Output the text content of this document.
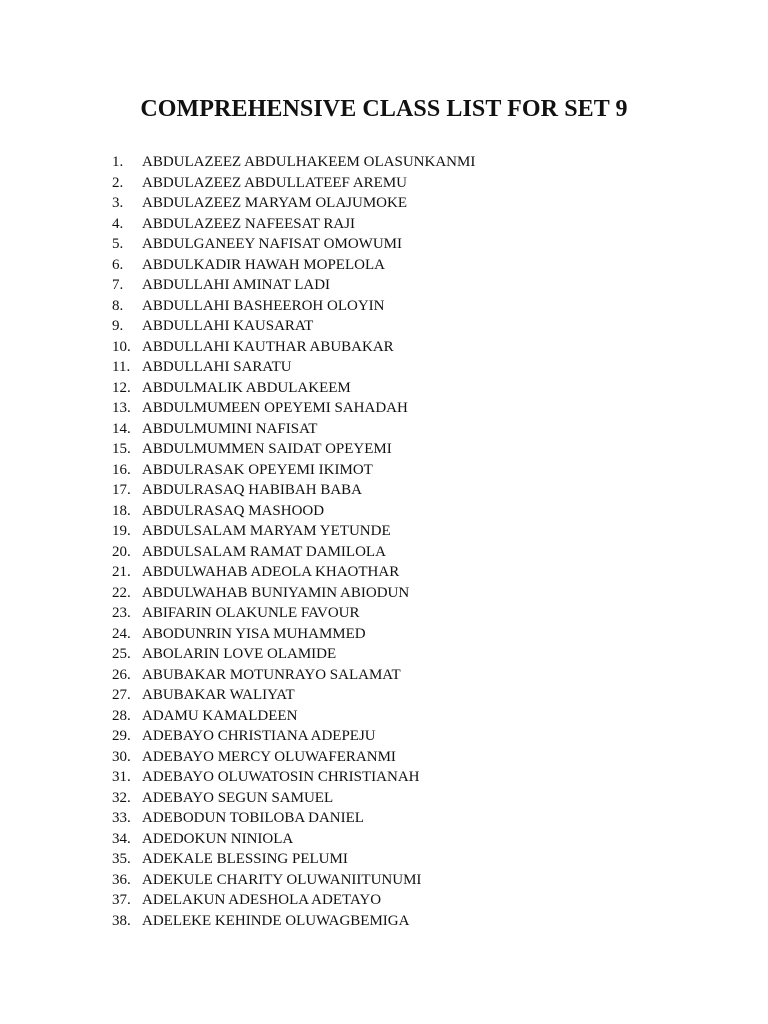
COMPREHENSIVE CLASS LIST FOR SET 9
1.	ABDULAZEEZ ABDULHAKEEM OLASUNKANMI
2.	ABDULAZEEZ ABDULLATEEF AREMU
3.	ABDULAZEEZ MARYAM OLAJUMOKE
4.	ABDULAZEEZ NAFEESAT RAJI
5.	ABDULGANEEY NAFISAT OMOWUMI
6.	ABDULKADIR HAWAH MOPELOLA
7.	ABDULLAHI AMINAT LADI
8.	ABDULLAHI BASHEEROH OLOYIN
9.	ABDULLAHI KAUSARAT
10. ABDULLAHI KAUTHAR ABUBAKAR
11. ABDULLAHI SARATU
12. ABDULMALIK ABDULAKEEM
13. ABDULMUMEEN OPEYEMI SAHADAH
14. ABDULMUMINI NAFISAT
15. ABDULMUMMEN SAIDAT OPEYEMI
16. ABDULRASAK OPEYEMI IKIMOT
17. ABDULRASAQ HABIBAH BABA
18. ABDULRASAQ MASHOOD
19. ABDULSALAM MARYAM YETUNDE
20. ABDULSALAM RAMAT DAMILOLA
21. ABDULWAHAB ADEOLA KHAOTHAR
22. ABDULWAHAB BUNIYAMIN ABIODUN
23. ABIFARIN OLAKUNLE FAVOUR
24. ABODUNRIN YISA MUHAMMED
25. ABOLARIN LOVE OLAMIDE
26. ABUBAKAR MOTUNRAYO SALAMAT
27. ABUBAKAR WALIYAT
28. ADAMU KAMALDEEN
29. ADEBAYO CHRISTIANA ADEPEJU
30. ADEBAYO MERCY OLUWAFERANMI
31. ADEBAYO OLUWATOSIN CHRISTIANAH
32. ADEBAYO SEGUN SAMUEL
33. ADEBODUN TOBILOBA DANIEL
34. ADEDOKUN NINIOLA
35. ADEKALE BLESSING PELUMI
36. ADEKULE CHARITY OLUWANIITUNUMI
37. ADELAKUN ADESHOLA ADETAYO
38. ADELEKE KEHINDE OLUWAGBEMIGA
